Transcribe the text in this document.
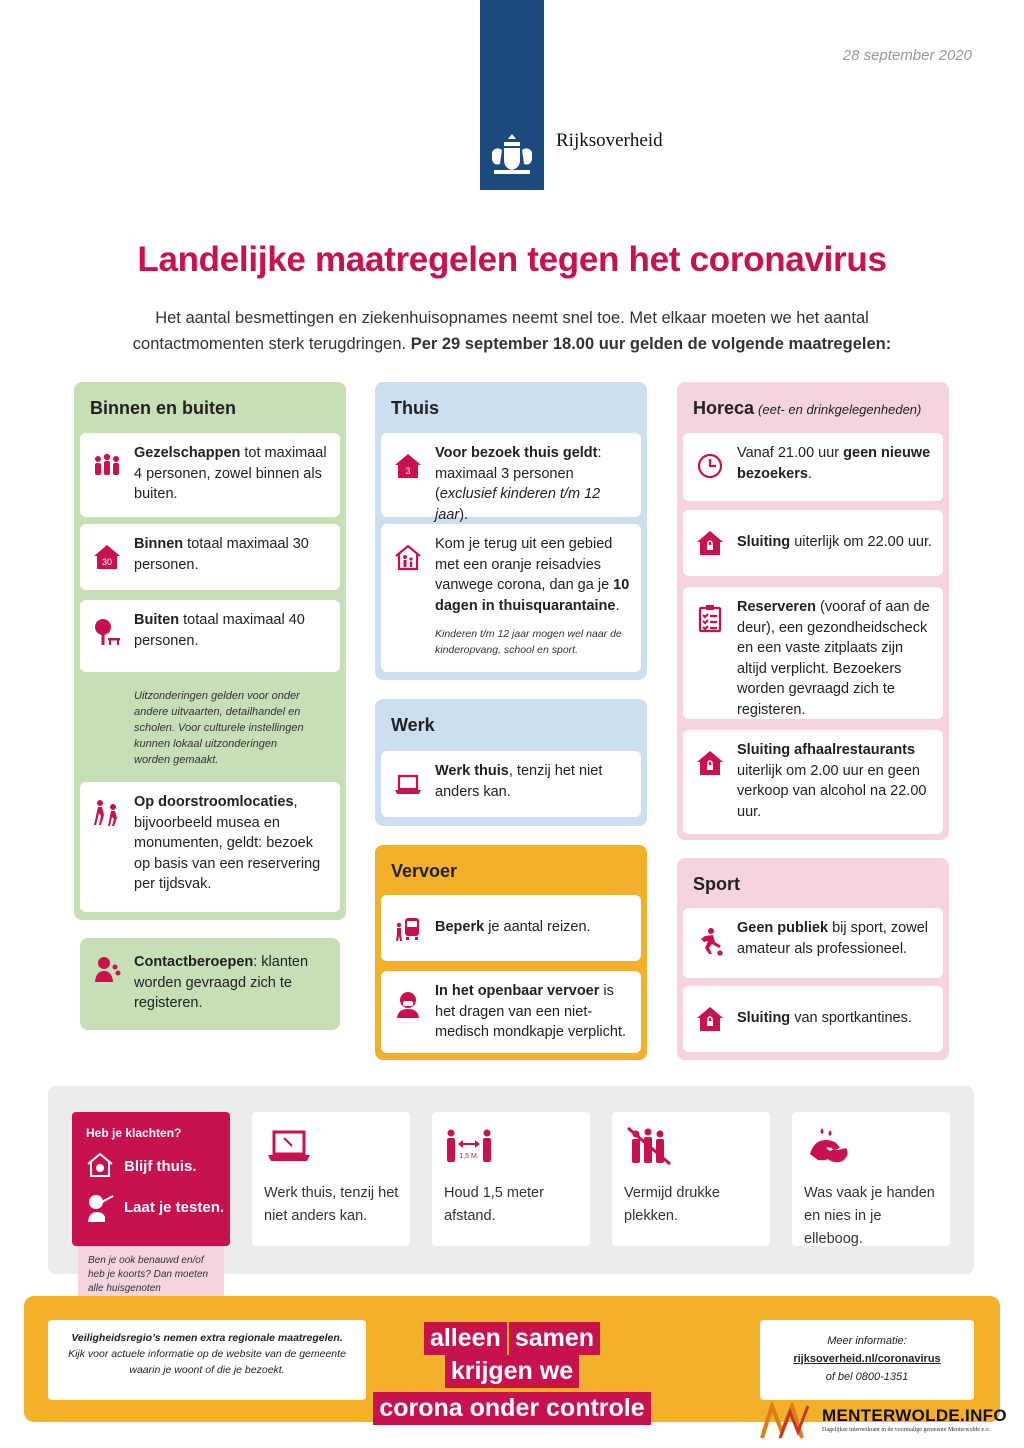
Rijksoverheid
28 september 2020
Landelijke maatregelen tegen het coronavirus
Het aantal besmettingen en ziekenhuisopnames neemt snel toe. Met elkaar moeten we het aantal
contactmomenten sterk terugdringen. Per 29 september 18.00 uur gelden de volgende maatregelen:
Binnen en buiten
Gezelschappen tot maximaal 4 personen, zowel binnen als buiten.
30
Binnen totaal maximaal 30 personen.
Buiten totaal maximaal 40 personen.
Uitzonderingen gelden voor onder andere uitvaarten, detailhandel en scholen. Voor culturele instellingen kunnen lokaal uitzonderingen worden gemaakt.
Op doorstroomlocaties, bijvoorbeeld musea en monumenten, geldt: bezoek op basis van een reservering per tijdsvak.
Contactberoepen: klanten worden gevraagd zich te registeren.
Thuis
3
Voor bezoek thuis geldt: maximaal 3 personen (exclusief kinderen t/m 12 jaar).
Kom je terug uit een gebied met een oranje reisadvies vanwege corona, dan ga je 10 dagen in thuisquarantaine.
Kinderen t/m 12 jaar mogen wel naar de kinderopvang, school en sport.
Werk
Werk thuis, tenzij het niet anders kan.
Vervoer
Beperk je aantal reizen.
In het openbaar vervoer is het dragen van een niet-medisch mondkapje verplicht.
Horeca (eet- en drinkgelegenheden)
Vanaf 21.00 uur geen nieuwe bezoekers.
Sluiting uiterlijk om 22.00 uur.
Reserveren (vooraf of aan de deur), een gezondheidscheck en een vaste zitplaats zijn altijd verplicht. Bezoekers worden gevraagd zich te registeren.
Sluiting afhaalrestaurants uiterlijk om 2.00 uur en geen verkoop van alcohol na 22.00 uur.
Sport
Geen publiek bij sport, zowel amateur als professioneel.
Sluiting van sportkantines.
Heb je klachten?
Blijf thuis.
Laat je testen.
Ben je ook benauwd en/of heb je koorts? Dan moeten alle huisgenoten
Werk thuis, tenzij het niet anders kan.
1,5 M.
Houd 1,5 meter afstand.
Vermijd drukke plekken.
Was vaak je handen en nies in je elleboog.
Veiligheidsregio’s nemen extra regionale maatregelen.
Kijk voor actuele informatie op de website van de gemeente waarin je woont of die je bezoekt.
alleen samenkrijgen we
corona onder controle
Meer informatie:
rijksoverheid.nl/coronavirus
of bel 0800-1351
MENTERWOLDE.INFO
Dagelijkse internetkrant in de voormalige gemeente Menterwolde e.o.
